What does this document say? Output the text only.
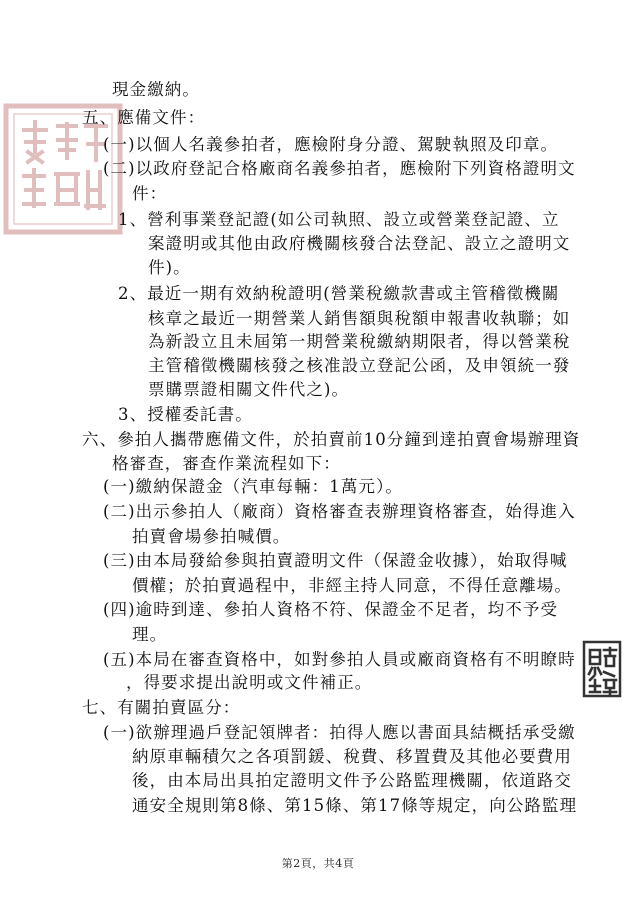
現金繳納。
五、應備文件：
(一)以個人名義參拍者，應檢附身分證、駕駛執照及印章。
(二)以政府登記合格廠商名義參拍者，應檢附下列資格證明文
件：
1、營利事業登記證(如公司執照、設立或營業登記證、立
案證明或其他由政府機關核發合法登記、設立之證明文
件)。
2、最近一期有效納稅證明(營業稅繳款書或主管稽徵機關
核章之最近一期營業人銷售額與稅額申報書收執聯；如
為新設立且未屆第一期營業稅繳納期限者，得以營業稅
主管稽徵機關核發之核准設立登記公函，及申領統一發
票購票證相關文件代之)。
3、授權委託書。
六、參拍人攜帶應備文件，於拍賣前10分鐘到達拍賣會場辦理資
格審查，審查作業流程如下：
(一)繳納保證金（汽車每輛：1萬元）。
(二)出示參拍人（廠商）資格審查表辦理資格審查，始得進入
拍賣會場參拍喊價。
(三)由本局發給參與拍賣證明文件（保證金收據），始取得喊
價權；於拍賣過程中，非經主持人同意，不得任意離場。
(四)逾時到達、參拍人資格不符、保證金不足者，均不予受
理。
(五)本局在審查資格中，如對參拍人員或廠商資格有不明瞭時
，得要求提出說明或文件補正。
七、有關拍賣區分：
(一)欲辦理過戶登記領牌者：拍得人應以書面具結概括承受繳
納原車輛積欠之各項罰鍰、稅費、移置費及其他必要費用
後，由本局出具拍定證明文件予公路監理機關，依道路交
通安全規則第8條、第15條、第17條等規定，向公路監理
第2頁，共4頁
